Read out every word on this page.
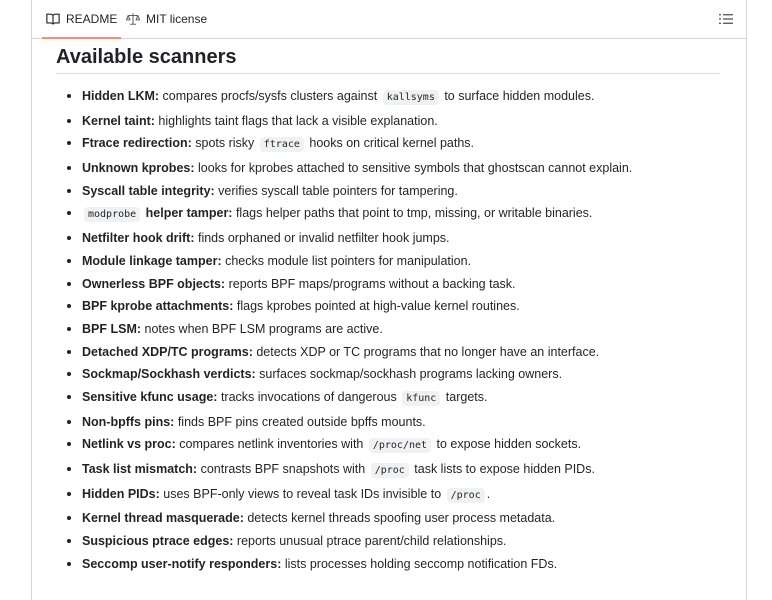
README MIT license
Available scanners
Hidden LKM: compares procfs/sysfs clusters against kallsyms to surface hidden modules.
Kernel taint: highlights taint flags that lack a visible explanation.
Ftrace redirection: spots risky ftrace hooks on critical kernel paths.
Unknown kprobes: looks for kprobes attached to sensitive symbols that ghostscan cannot explain.
Syscall table integrity: verifies syscall table pointers for tampering.
modprobe helper tamper: flags helper paths that point to tmp, missing, or writable binaries.
Netfilter hook drift: finds orphaned or invalid netfilter hook jumps.
Module linkage tamper: checks module list pointers for manipulation.
Ownerless BPF objects: reports BPF maps/programs without a backing task.
BPF kprobe attachments: flags kprobes pointed at high-value kernel routines.
BPF LSM: notes when BPF LSM programs are active.
Detached XDP/TC programs: detects XDP or TC programs that no longer have an interface.
Sockmap/Sockhash verdicts: surfaces sockmap/sockhash programs lacking owners.
Sensitive kfunc usage: tracks invocations of dangerous kfunc targets.
Non-bpffs pins: finds BPF pins created outside bpffs mounts.
Netlink vs proc: compares netlink inventories with /proc/net to expose hidden sockets.
Task list mismatch: contrasts BPF snapshots with /proc task lists to expose hidden PIDs.
Hidden PIDs: uses BPF-only views to reveal task IDs invisible to /proc .
Kernel thread masquerade: detects kernel threads spoofing user process metadata.
Suspicious ptrace edges: reports unusual ptrace parent/child relationships.
Seccomp user-notify responders: lists processes holding seccomp notification FDs.
